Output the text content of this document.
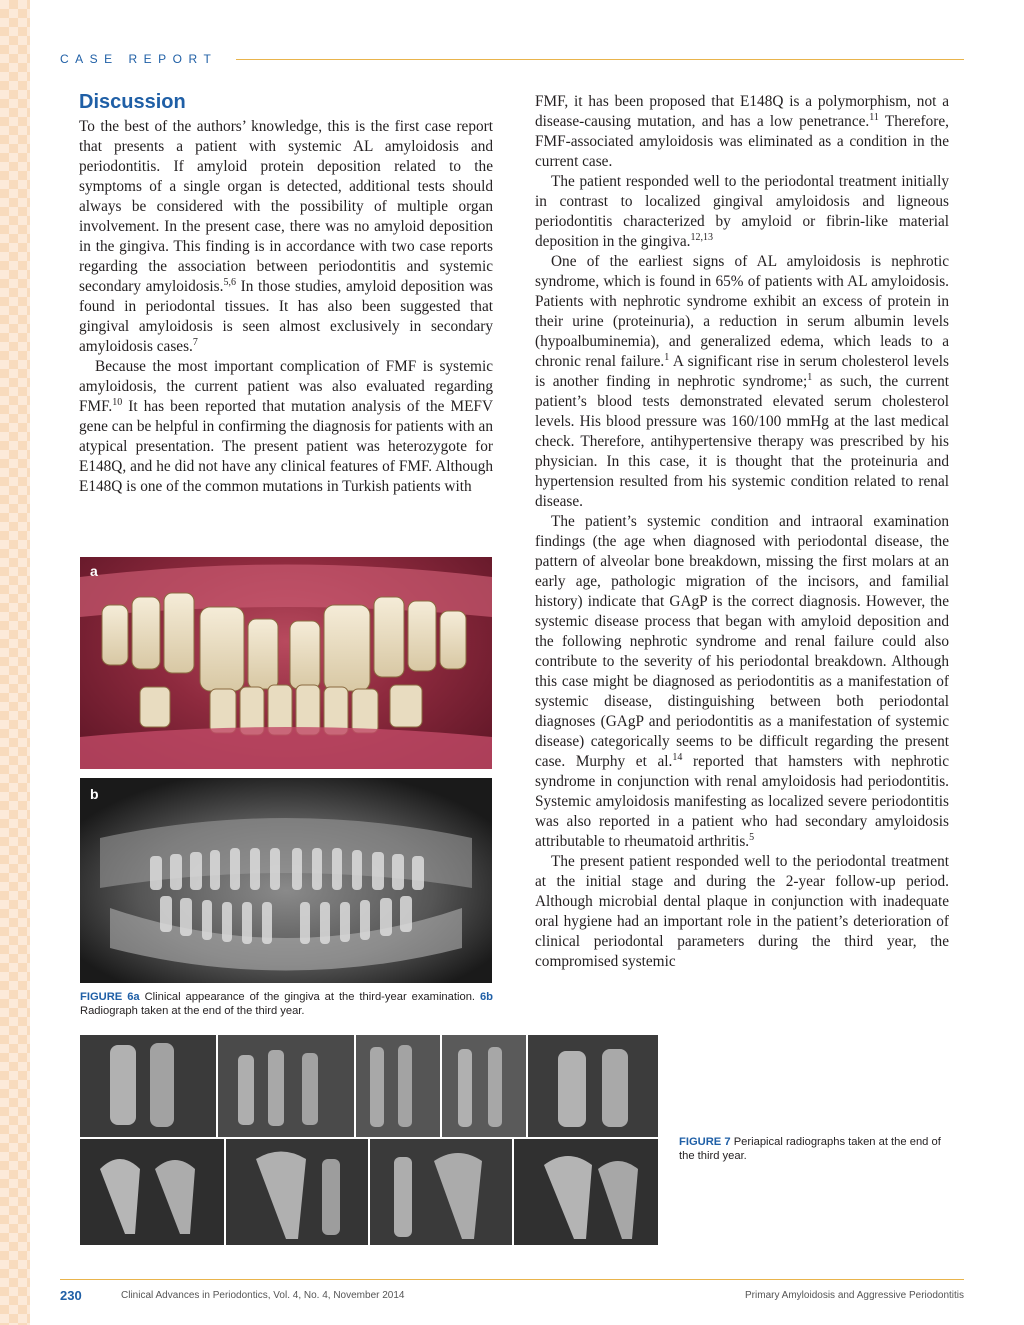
CASE REPORT
Discussion

To the best of the authors’ knowledge, this is the first case report that presents a patient with systemic AL amyloidosis and periodontitis. If amyloid protein deposition related to the symptoms of a single organ is detected, additional tests should always be considered with the possibility of multiple organ involvement. In the present case, there was no amyloid deposition in the gingiva. This finding is in accordance with two case reports regarding the association between periodontitis and systemic secondary amyloidosis.$^{5,6}$ In those studies, amyloid deposition was found in periodontal tissues. It has also been suggested that gingival amyloidosis is seen almost exclusively in secondary amyloidosis cases.$^7$

Because the most important complication of FMF is systemic amyloidosis, the current patient was also evaluated regarding FMF.$^{10}$ It has been reported that mutation analysis of the MEFV gene can be helpful in confirming the diagnosis for patients with an atypical presentation. The present patient was heterozygote for E148Q, and he did not have any clinical features of FMF. Although E148Q is one of the common mutations in Turkish patients with

FMF, it has been proposed that E148Q is a polymorphism, not a disease-causing mutation, and has a low penetrance.$^{11}$ Therefore, FMF-associated amyloidosis was eliminated as a condition in the current case.

The patient responded well to the periodontal treatment initially in contrast to localized gingival amyloidosis and ligneous periodontitis characterized by amyloid or fibrin-like material deposition in the gingiva.$^{12,13}$

One of the earliest signs of AL amyloidosis is nephrotic syndrome, which is found in 65% of patients with AL amyloidosis. Patients with nephrotic syndrome exhibit an excess of protein in their urine (proteinuria), a reduction in serum albumin levels (hypoalbuminemia), and generalized edema, which leads to a chronic renal failure.$^1$ A significant rise in serum cholesterol levels is another finding in nephrotic syndrome;$^1$ as such, the current patient’s blood tests demonstrated elevated serum cholesterol levels. His blood pressure was 160/100 mmHg at the last medical check. Therefore, antihypertensive therapy was prescribed by his physician. In this case, it is thought that the proteinuria and hypertension resulted from his systemic condition related to renal disease.

The patient’s systemic condition and intraoral examination findings (the age when diagnosed with periodontal disease, the pattern of alveolar bone breakdown, missing the first molars at an early age, pathologic migration of the incisors, and familial history) indicate that GAgP is the correct diagnosis. However, the systemic disease process that began with amyloid deposition and the following nephrotic syndrome and renal failure could also contribute to the severity of his periodontal breakdown. Although this case might be diagnosed as periodontitis as a manifestation of systemic disease, distinguishing between both periodontal diagnoses (GAgP and periodontitis as a manifestation of systemic disease) categorically seems to be difficult regarding the present case. Murphy et al.$^{14}$ reported that hamsters with nephrotic syndrome in conjunction with renal amyloidosis had periodontitis. Systemic amyloidosis manifesting as localized severe periodontitis was also reported in a patient who had secondary amyloidosis attributable to rheumatoid arthritis.$^5$

The present patient responded well to the periodontal treatment at the initial stage and during the 2-year follow-up period. Although microbial dental plaque in conjunction with inadequate oral hygiene had an important role in the patient’s deterioration of clinical periodontal parameters during the third year, the compromised systemic

a
b
FIGURE 6a Clinical appearance of the gingiva at the third-year examination. 6b Radiograph taken at the end of the third year.
FIGURE 7 Periapical radiographs taken at the end of the third year.
230	Clinical Advances in Periodontics, Vol. 4, No. 4, November 2014	Primary Amyloidosis and Aggressive Periodontitis
